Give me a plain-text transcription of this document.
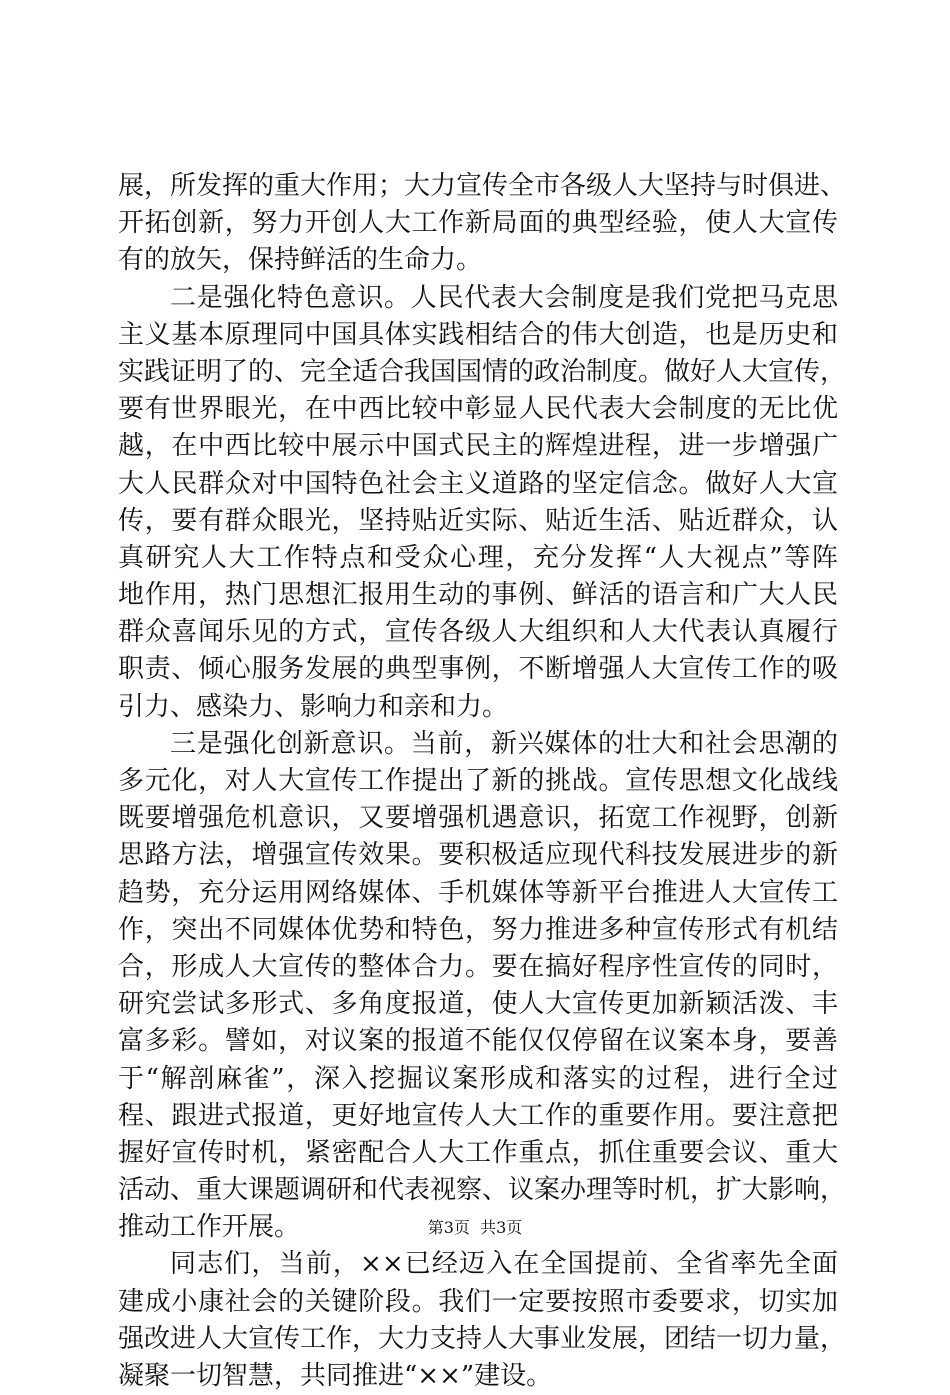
展，所发挥的重大作用；大力宣传全市各级人大坚持与时俱进、
开拓创新，努力开创人大工作新局面的典型经验，使人大宣传
有的放矢，保持鲜活的生命力。
二是强化特色意识。人民代表大会制度是我们党把马克思
主义基本原理同中国具体实践相结合的伟大创造，也是历史和
实践证明了的、完全适合我国国情的政治制度。做好人大宣传，
要有世界眼光，在中西比较中彰显人民代表大会制度的无比优
越，在中西比较中展示中国式民主的辉煌进程，进一步增强广
大人民群众对中国特色社会主义道路的坚定信念。做好人大宣
传，要有群众眼光，坚持贴近实际、贴近生活、贴近群众，认
真研究人大工作特点和受众心理，充分发挥“人大视点”等阵
地作用，热门思想汇报用生动的事例、鲜活的语言和广大人民
群众喜闻乐见的方式，宣传各级人大组织和人大代表认真履行
职责、倾心服务发展的典型事例，不断增强人大宣传工作的吸
引力、感染力、影响力和亲和力。
三是强化创新意识。当前，新兴媒体的壮大和社会思潮的
多元化，对人大宣传工作提出了新的挑战。宣传思想文化战线
既要增强危机意识，又要增强机遇意识，拓宽工作视野，创新
思路方法，增强宣传效果。要积极适应现代科技发展进步的新
趋势，充分运用网络媒体、手机媒体等新平台推进人大宣传工
作，突出不同媒体优势和特色，努力推进多种宣传形式有机结
合，形成人大宣传的整体合力。要在搞好程序性宣传的同时，
研究尝试多形式、多角度报道，使人大宣传更加新颖活泼、丰
富多彩。譬如，对议案的报道不能仅仅停留在议案本身，要善
于“解剖麻雀”，深入挖掘议案形成和落实的过程，进行全过
程、跟进式报道，更好地宣传人大工作的重要作用。要注意把
握好宣传时机，紧密配合人大工作重点，抓住重要会议、重大
活动、重大课题调研和代表视察、议案办理等时机，扩大影响，
推动工作开展。
同志们，当前，××已经迈入在全国提前、全省率先全面
建成小康社会的关键阶段。我们一定要按照市委要求，切实加
强改进人大宣传工作，大力支持人大事业发展，团结一切力量，
凝聚一切智慧，共同推进“××”建设。
第3页  共3页
